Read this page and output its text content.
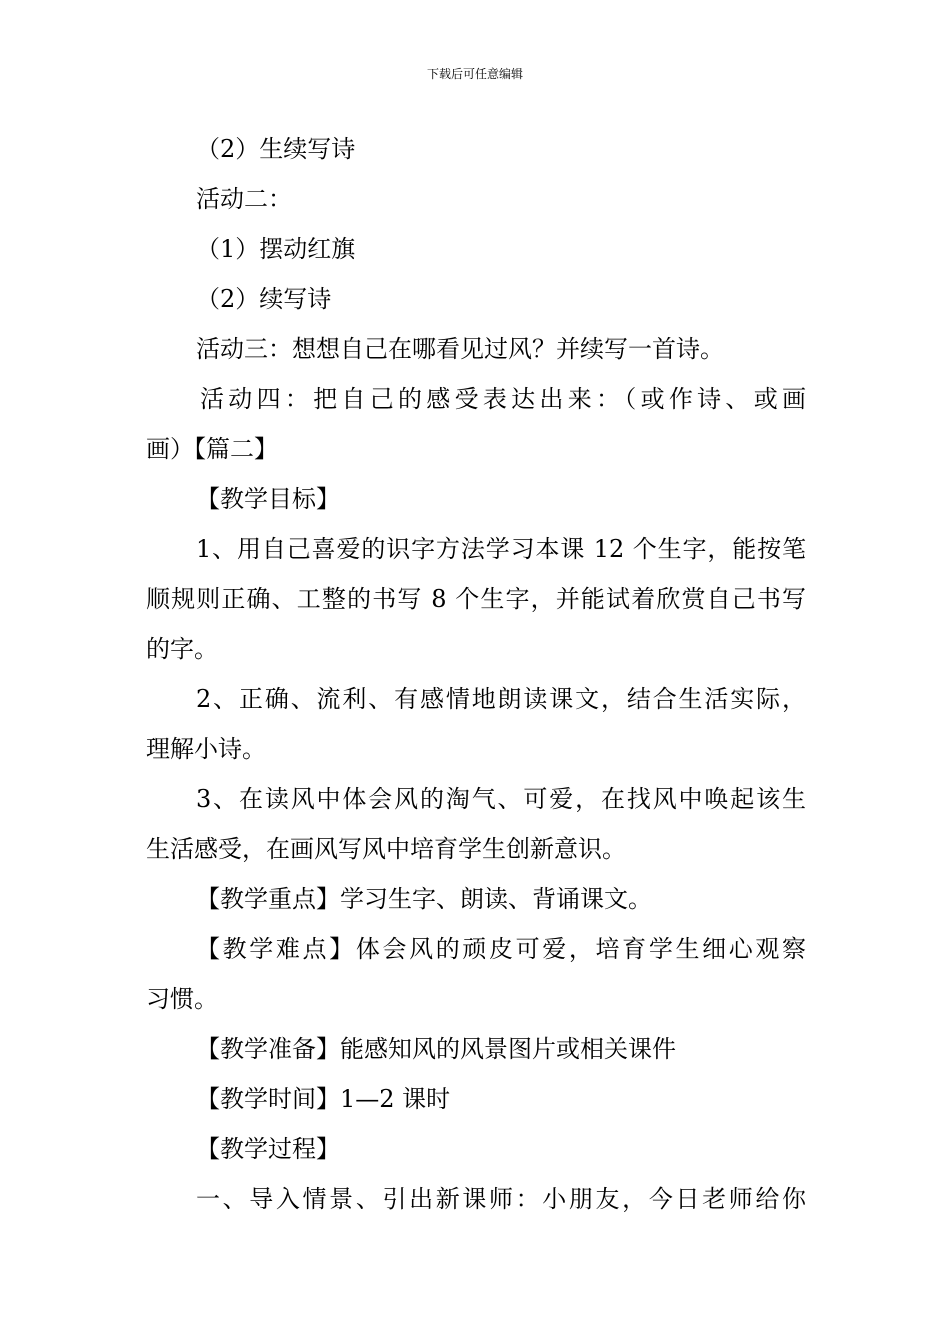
下载后可任意编辑
（2）生续写诗
活动二：
（1）摆动红旗
（2）续写诗
活动三：想想自己在哪看见过风？并续写一首诗。
活动四：把自己的感受表达出来：（或作诗、或画
画）【篇二】
【教学目标】
1、用自己喜爱的识字方法学习本课 12 个生字，能按笔
顺规则正确、工整的书写 8 个生字，并能试着欣赏自己书写
的字。
2、正确、流利、有感情地朗读课文，结合生活实际，
理解小诗。
3、在读风中体会风的淘气、可爱，在找风中唤起该生
生活感受，在画风写风中培育学生创新意识。
【教学重点】学习生字、朗读、背诵课文。
【教学难点】体会风的顽皮可爱，培育学生细心观察
习惯。
【教学准备】能感知风的风景图片或相关课件
【教学时间】1—2 课时
【教学过程】
一、导入情景、引出新课师：小朋友，今日老师给你
